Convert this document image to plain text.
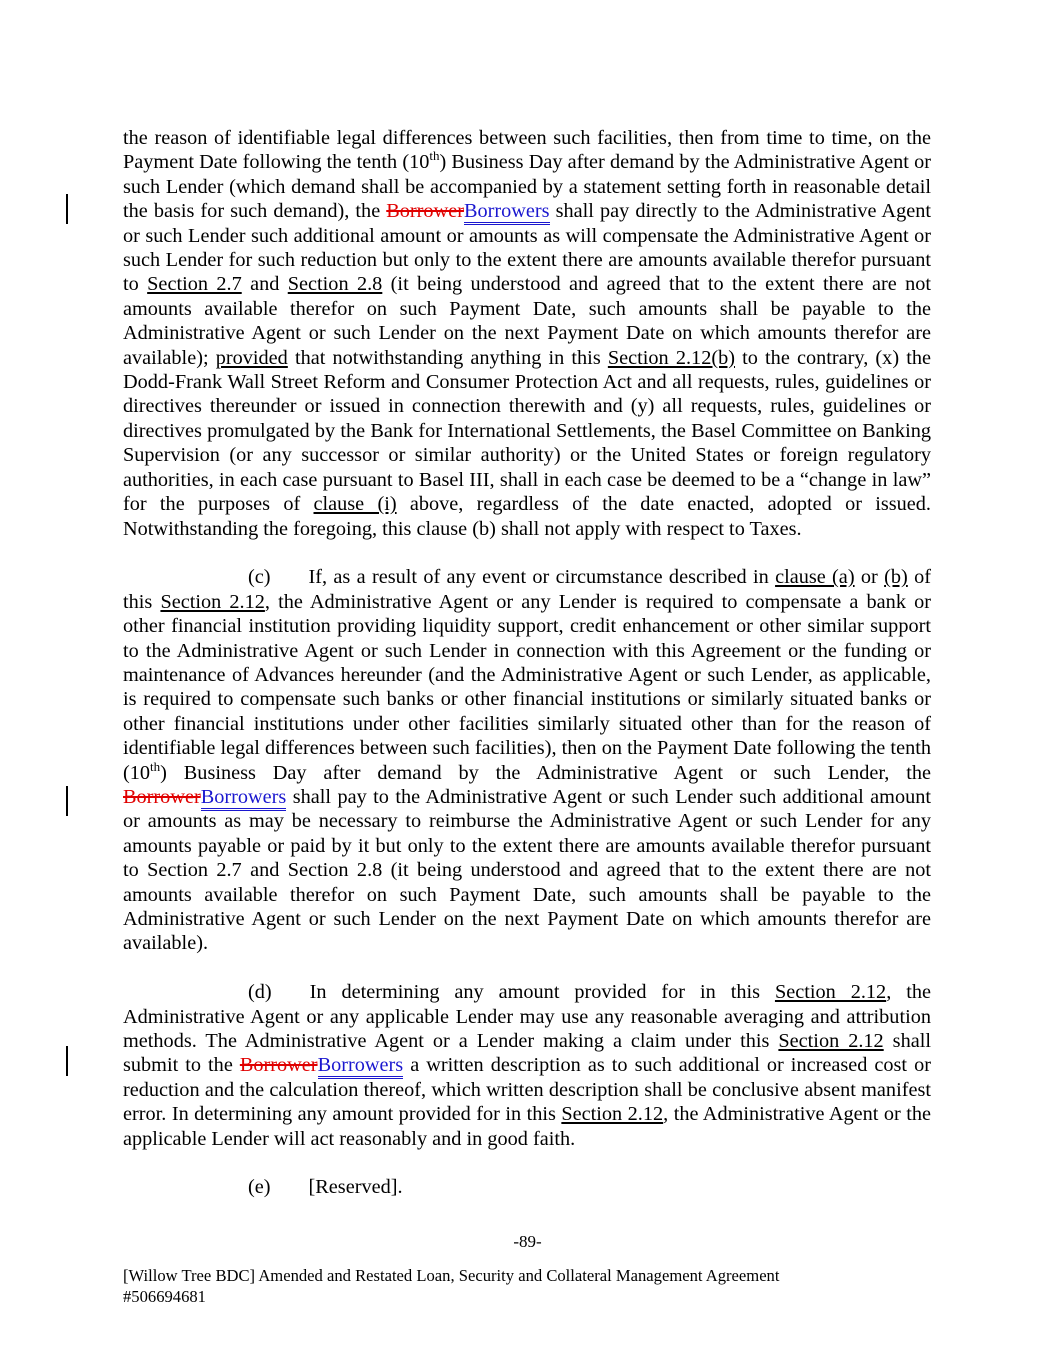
the reason of identifiable legal differences between such facilities, then from time to time, on the Payment Date following the tenth (10th) Business Day after demand by the Administrative Agent or such Lender (which demand shall be accompanied by a statement setting forth in reasonable detail the basis for such demand), the BorrowerBorrowers shall pay directly to the Administrative Agent or such Lender such additional amount or amounts as will compensate the Administrative Agent or such Lender for such reduction but only to the extent there are amounts available therefor pursuant to Section 2.7 and Section 2.8 (it being understood and agreed that to the extent there are not amounts available therefor on such Payment Date, such amounts shall be payable to the Administrative Agent or such Lender on the next Payment Date on which amounts therefor are available); provided that notwithstanding anything in this Section 2.12(b) to the contrary, (x) the Dodd-Frank Wall Street Reform and Consumer Protection Act and all requests, rules, guidelines or directives thereunder or issued in connection therewith and (y) all requests, rules, guidelines or directives promulgated by the Bank for International Settlements, the Basel Committee on Banking Supervision (or any successor or similar authority) or the United States or foreign regulatory authorities, in each case pursuant to Basel III, shall in each case be deemed to be a “change in law” for the purposes of clause (i) above, regardless of the date enacted, adopted or issued. Notwithstanding the foregoing, this clause (b) shall not apply with respect to Taxes.
(c) If, as a result of any event or circumstance described in clause (a) or (b) of this Section 2.12, the Administrative Agent or any Lender is required to compensate a bank or other financial institution providing liquidity support, credit enhancement or other similar support to the Administrative Agent or such Lender in connection with this Agreement or the funding or maintenance of Advances hereunder (and the Administrative Agent or such Lender, as applicable, is required to compensate such banks or other financial institutions or similarly situated banks or other financial institutions under other facilities similarly situated other than for the reason of identifiable legal differences between such facilities), then on the Payment Date following the tenth (10th) Business Day after demand by the Administrative Agent or such Lender, the BorrowerBorrowers shall pay to the Administrative Agent or such Lender such additional amount or amounts as may be necessary to reimburse the Administrative Agent or such Lender for any amounts payable or paid by it but only to the extent there are amounts available therefor pursuant to Section 2.7 and Section 2.8 (it being understood and agreed that to the extent there are not amounts available therefor on such Payment Date, such amounts shall be payable to the Administrative Agent or such Lender on the next Payment Date on which amounts therefor are available).
(d) In determining any amount provided for in this Section 2.12, the Administrative Agent or any applicable Lender may use any reasonable averaging and attribution methods. The Administrative Agent or a Lender making a claim under this Section 2.12 shall submit to the BorrowerBorrowers a written description as to such additional or increased cost or reduction and the calculation thereof, which written description shall be conclusive absent manifest error. In determining any amount provided for in this Section 2.12, the Administrative Agent or the applicable Lender will act reasonably and in good faith.
(e) [Reserved].
-89-
[Willow Tree BDC] Amended and Restated Loan, Security and Collateral Management Agreement
#506694681
